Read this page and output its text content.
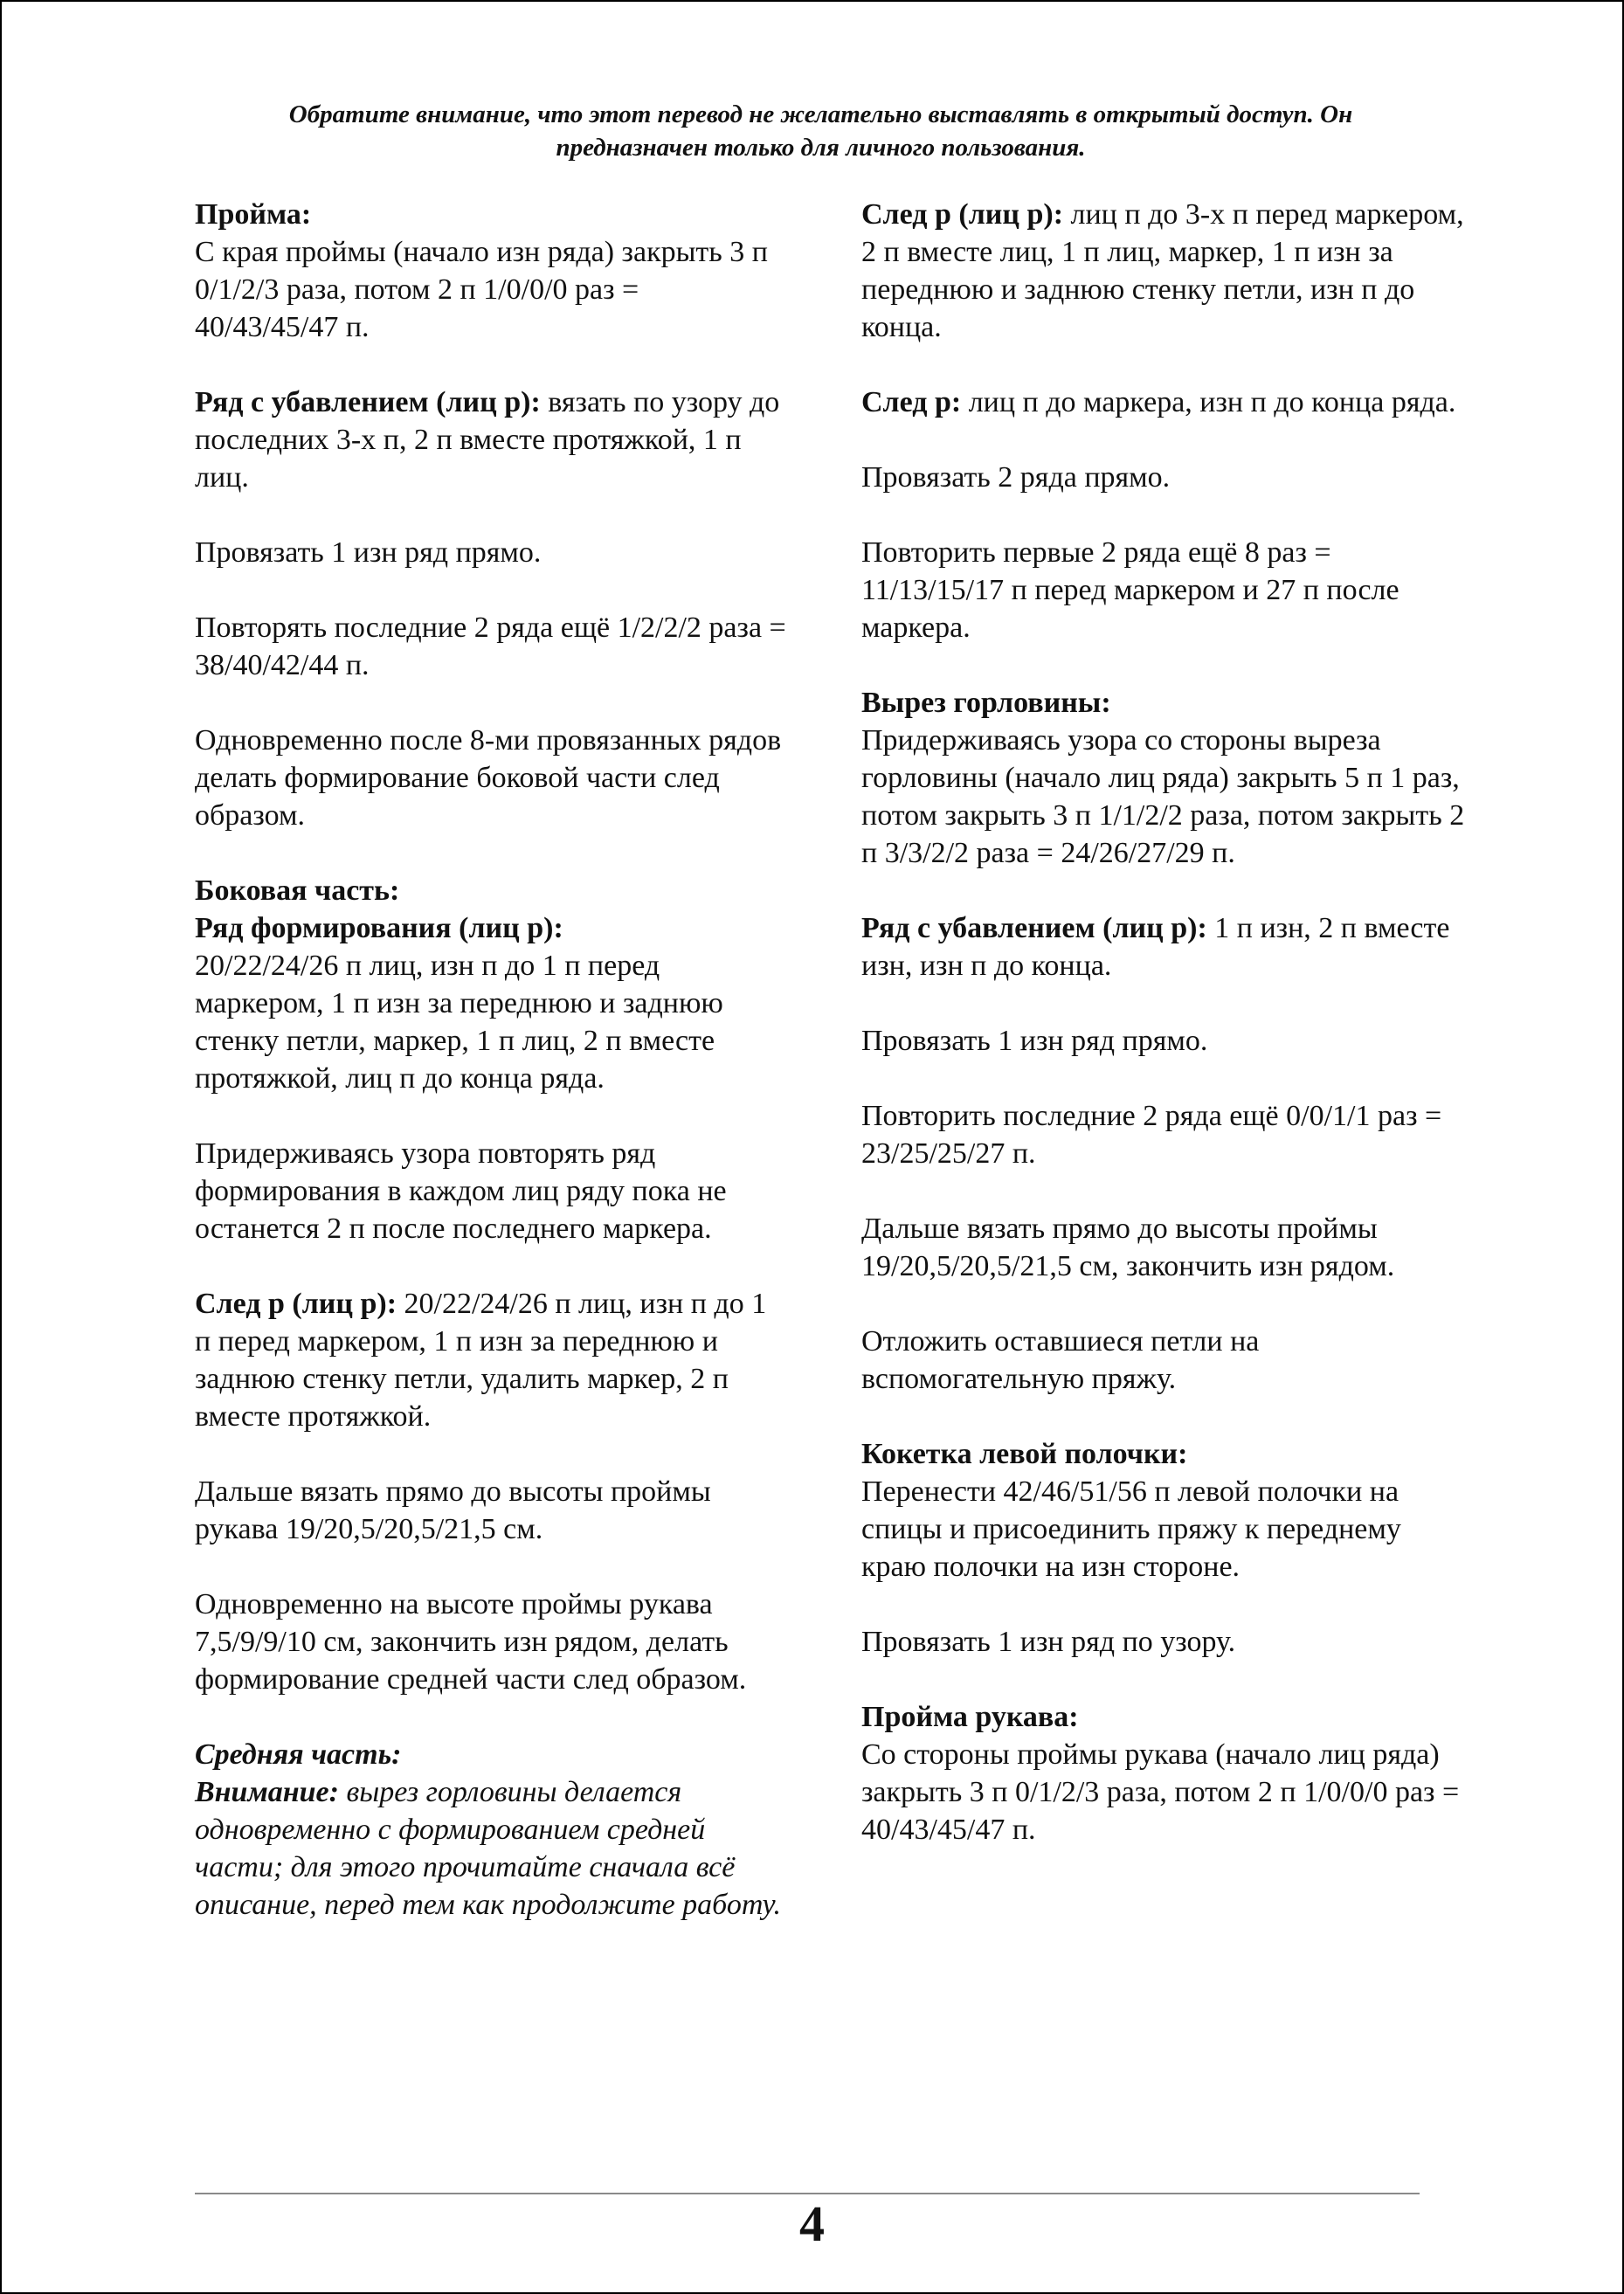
Обратите внимание, что этот перевод не желательно выставлять в открытый доступ. Он предназначен только для личного пользования.

Пройма:
С края проймы (начало изн ряда) закрыть 3 п 0/1/2/3 раза, потом 2 п 1/0/0/0 раз = 40/43/45/47 п.

Ряд с убавлением (лиц р): вязать по узору до последних 3-х п, 2 п вместе протяжкой, 1 п лиц.

Провязать 1 изн ряд прямо.

Повторять последние 2 ряда ещё 1/2/2/2 раза = 38/40/42/44 п.

Одновременно после 8-ми провязанных рядов делать формирование боковой части след образом.

Боковая часть:
Ряд формирования (лиц р):
20/22/24/26 п лиц, изн п до 1 п перед маркером, 1 п изн за переднюю и заднюю стенку петли, маркер, 1 п лиц, 2 п вместе протяжкой, лиц п до конца ряда.

Придерживаясь узора повторять ряд формирования в каждом лиц ряду пока не останется 2 п после последнего маркера.

След р (лиц р): 20/22/24/26 п лиц, изн п до 1 п перед маркером, 1 п изн за переднюю и заднюю стенку петли, удалить маркер, 2 п вместе протяжкой.

Дальше вязать прямо до высоты проймы рукава 19/20,5/20,5/21,5 см.

Одновременно на высоте проймы рукава 7,5/9/9/10 см, закончить изн рядом, делать формирование средней части след образом.

Средняя часть:
Внимание: вырез горловины делается одновременно с формированием средней части; для этого прочитайте сначала всё описание, перед тем как продолжите работу.

След р (лиц р): лиц п до 3-х п перед маркером, 2 п вместе лиц, 1 п лиц, маркер, 1 п изн за переднюю и заднюю стенку петли, изн п до конца.

След р: лиц п до маркера, изн п до конца ряда.

Провязать 2 ряда прямо.

Повторить первые 2 ряда ещё 8 раз = 11/13/15/17 п перед маркером и 27 п после маркера.

Вырез горловины:
Придерживаясь узора со стороны выреза горловины (начало лиц ряда) закрыть 5 п 1 раз, потом закрыть 3 п 1/1/2/2 раза, потом закрыть 2 п 3/3/2/2 раза = 24/26/27/29 п.

Ряд с убавлением (лиц р): 1 п изн, 2 п вместе изн, изн п до конца.

Провязать 1 изн ряд прямо.

Повторить последние 2 ряда ещё 0/0/1/1 раз = 23/25/25/27 п.

Дальше вязать прямо до высоты проймы 19/20,5/20,5/21,5 см, закончить изн рядом.

Отложить оставшиеся петли на вспомогательную пряжу.

Кокетка левой полочки:
Перенести 42/46/51/56 п левой полочки на спицы и присоединить пряжу к переднему краю полочки на изн стороне.

Провязать 1 изн ряд по узору.

Пройма рукава:
Со стороны проймы рукава (начало лиц ряда) закрыть 3 п 0/1/2/3 раза, потом 2 п 1/0/0/0 раз = 40/43/45/47 п.

4
